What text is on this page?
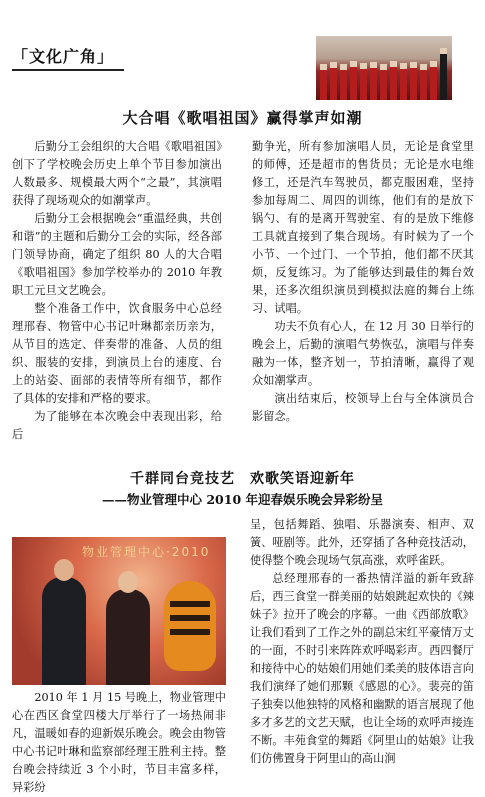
「文化广角」
大合唱《歌唱祖国》赢得掌声如潮

后勤分工会组织的大合唱《歌唱祖国》创下了学校晚会历史上单个节目参加演出人数最多、规模最大两个“之最”，其演唱获得了现场观众的如潮掌声。

后勤分工会根据晚会“重温经典，共创和谐”的主题和后勤分工会的实际，经各部门领导协商，确定了组织 80 人的大合唱《歌唱祖国》参加学校举办的 2010 年教职工元旦文艺晚会。

整个准备工作中，饮食服务中心总经理邢春、物管中心书记叶琳都亲历亲为，从节目的选定、伴奏带的准备、人员的组织、服装的安排，到演员上台的速度、台上的站姿、面部的表情等所有细节，都作了具体的安排和严格的要求。

为了能够在本次晚会中表现出彩，给后

勤争光，所有参加演唱人员，无论是食堂里的师傅，还是超市的售货员；无论是水电维修工，还是汽车驾驶员，都克服困难，坚持参加每周二、周四的训练，他们有的是放下锅勺、有的是离开驾驶室、有的是放下维修工具就直接到了集合现场。有时候为了一个小节、一个过门、一个节拍，他们都不厌其烦，反复练习。为了能够达到最佳的舞台效果，还多次组织演员到模拟法庭的舞台上练习、试唱。

功夫不负有心人，在 12 月 30 日举行的晚会上，后勤的演唱气势恢弘，演唱与伴奏融为一体，整齐划一，节拍清晰，赢得了观众如潮掌声。

演出结束后，校领导上台与全体演员合影留念。

千群同台竞技艺　欢歌笑语迎新年
——物业管理中心 2010 年迎春娱乐晚会异彩纷呈
物业管理中心·2010

2010 年 1 月 15 号晚上，物业管理中心在西区食堂四楼大厅举行了一场热闹非凡，温暖如春的迎新娱乐晚会。晚会由物管中心书记叶琳和监察部经理王胜利主持。整台晚会持续近 3 个小时，节目丰富多样，异彩纷

呈，包括舞蹈、独唱、乐器演奏、相声、双簧、哑剧等。此外，还穿插了各种竞技活动，使得整个晚会现场气氛高涨，欢呼雀跃。

总经理邢春的一番热情洋溢的新年致辞后，西三食堂一群美丽的姑娘跳起欢快的《辣妹子》拉开了晚会的序幕。一曲《西部放歌》让我们看到了工作之外的副总宋红平豪情万丈的一面，不时引来阵阵欢呼喝彩声。西四餐厅和接待中心的姑娘们用她们柔美的肢体语言向我们演绎了她们那颗《感恩的心》。裴亮的笛子独奏以他独特的风格和幽默的语言展现了他多才多艺的文艺天赋，也让全场的欢呼声接连不断。丰苑食堂的舞蹈《阿里山的姑娘》让我们仿佛置身于阿里山的高山涧
